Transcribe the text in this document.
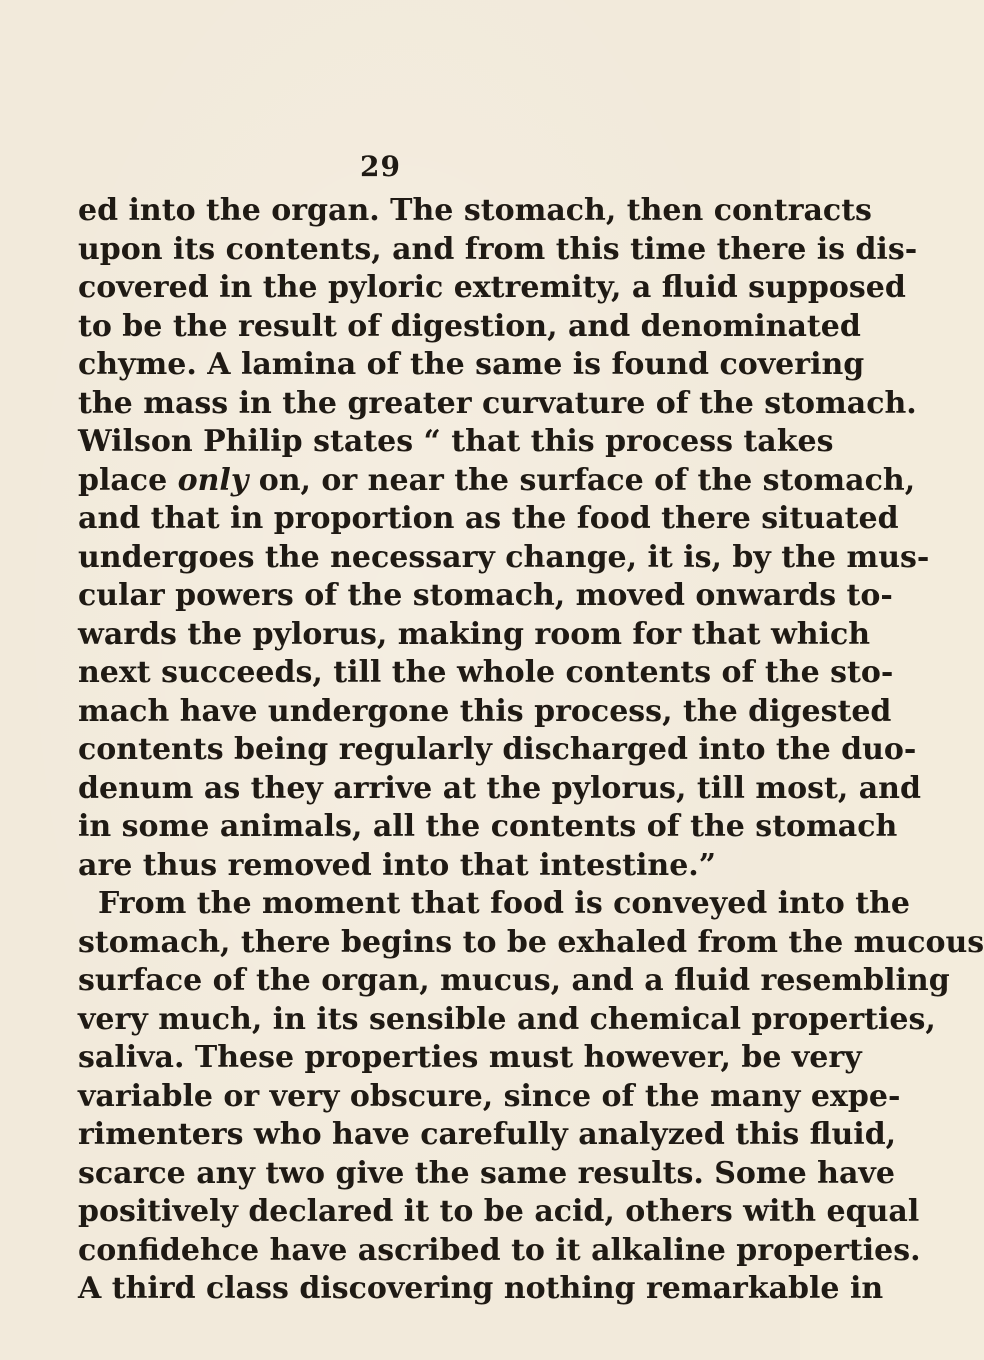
29
ed into the organ. The stomach, then contracts
upon its contents, and from this time there is dis-
covered in the pyloric extremity, a fluid supposed
to be the result of digestion, and denominated
chyme. A lamina of the same is found covering
the mass in the greater curvature of the stomach.
Wilson Philip states “ that this process takes
place only on, or near the surface of the stomach,
and that in proportion as the food there situated
undergoes the necessary change, it is, by the mus-
cular powers of the stomach, moved onwards to-
wards the pylorus, making room for that which
next succeeds, till the whole contents of the sto-
mach have undergone this process, the digested
contents being regularly discharged into the duo-
denum as they arrive at the pylorus, till most, and
in some animals, all the contents of the stomach
are thus removed into that intestine.”
From the moment that food is conveyed into the
stomach, there begins to be exhaled from the mucous
surface of the organ, mucus, and a fluid resembling
very much, in its sensible and chemical properties,
saliva. These properties must however, be very
variable or very obscure, since of the many expe-
rimenters who have carefully analyzed this fluid,
scarce any two give the same results. Some have
positively declared it to be acid, others with equal
confidehce have ascribed to it alkaline properties.
A third class discovering nothing remarkable in
